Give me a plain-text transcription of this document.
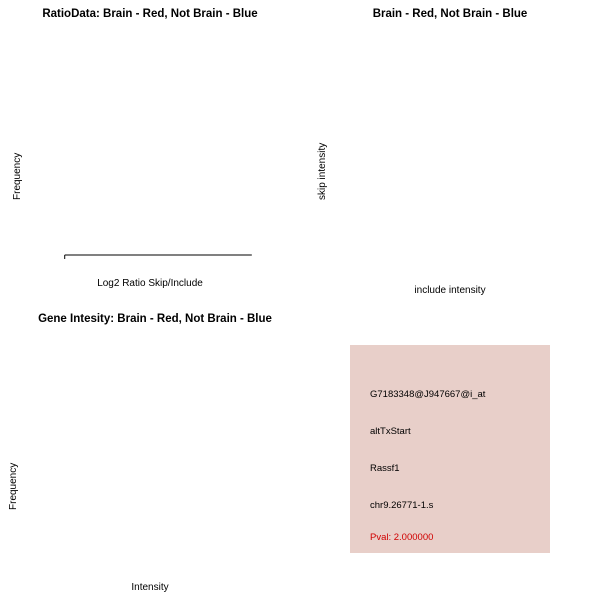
RatioData: Brain - Red, Not Brain - Blue
Frequency
Log2 Ratio Skip/Include
Brain - Red, Not Brain - Blue
skip intensity
include intensity
Gene Intesity: Brain - Red, Not Brain - Blue
Frequency
Intensity
G7183348@J947667@i_at
altTxStart
Rassf1
chr9.26771-1.s
Pval: 2.000000
